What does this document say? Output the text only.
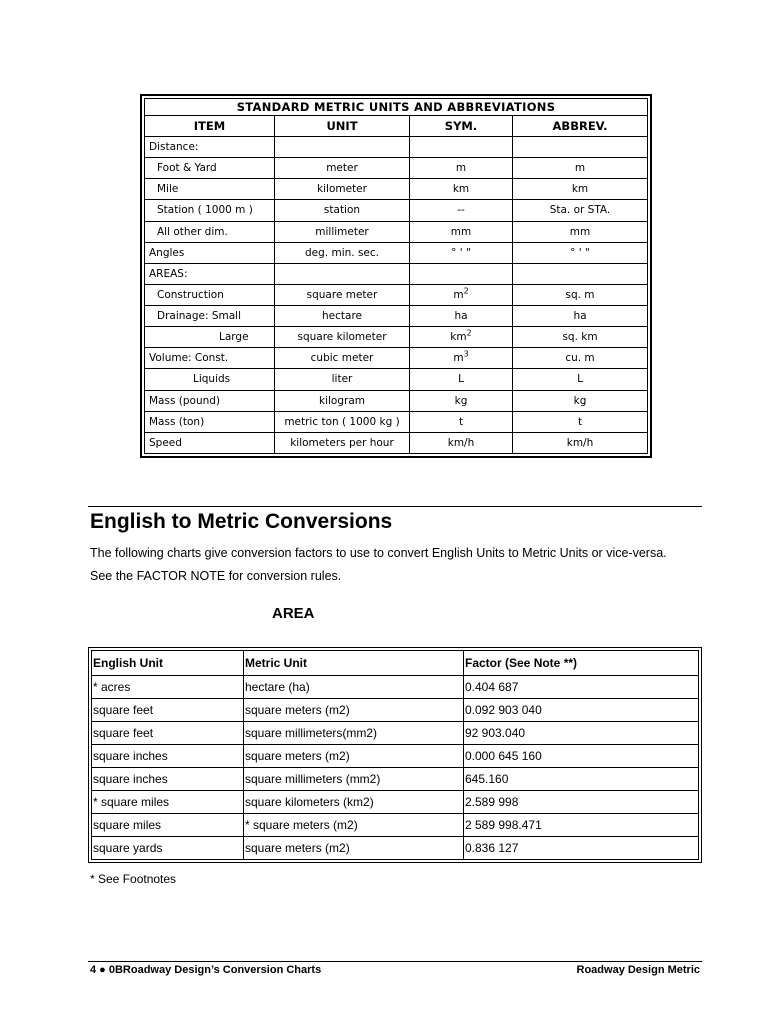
STANDARD METRIC UNITS AND ABBREVIATIONS			
ITEM	UNIT	SYM.	ABBREV.
Distance:			
Foot & Yard	meter	m	m
Mile	kilometer	km	km
Station ( 1000 m )	station	--	Sta. or STA.
All other dim.	millimeter	mm	mm
Angles	deg. min. sec.	° ' "	° ' "
AREAS:			
Construction	square meter	$m^2$	sq. m
Drainage: Small	hectare	ha	ha
Large	square kilometer	$km^2$	sq. km
Volume: Const.	cubic meter	$m^3$	cu. m
Liquids	liter	L	L
Mass (pound)	kilogram	kg	kg
Mass (ton)	metric ton ( 1000 kg )	t	t
Speed	kilometers per hour	km/h	km/h
English to Metric Conversions

The following charts give conversion factors to use to convert English Units to Metric Units or vice-versa.

See the FACTOR NOTE for conversion rules.

AREA
English Unit	Metric Unit	Factor (See Note **)
* acres	hectare (ha)	0.404 687
square feet	square meters (m2)	0.092 903 040
square feet	square millimeters(mm2)	92 903.040
square inches	square meters (m2)	0.000 645 160
square inches	square millimeters (mm2)	645.160
* square miles	square kilometers (km2)	2.589 998
square miles	* square meters (m2)	2 589 998.471
square yards	square meters (m2)	0.836 127

* See Footnotes

4 ● 0BRoadway Design’s Conversion Charts	Roadway Design Metric
